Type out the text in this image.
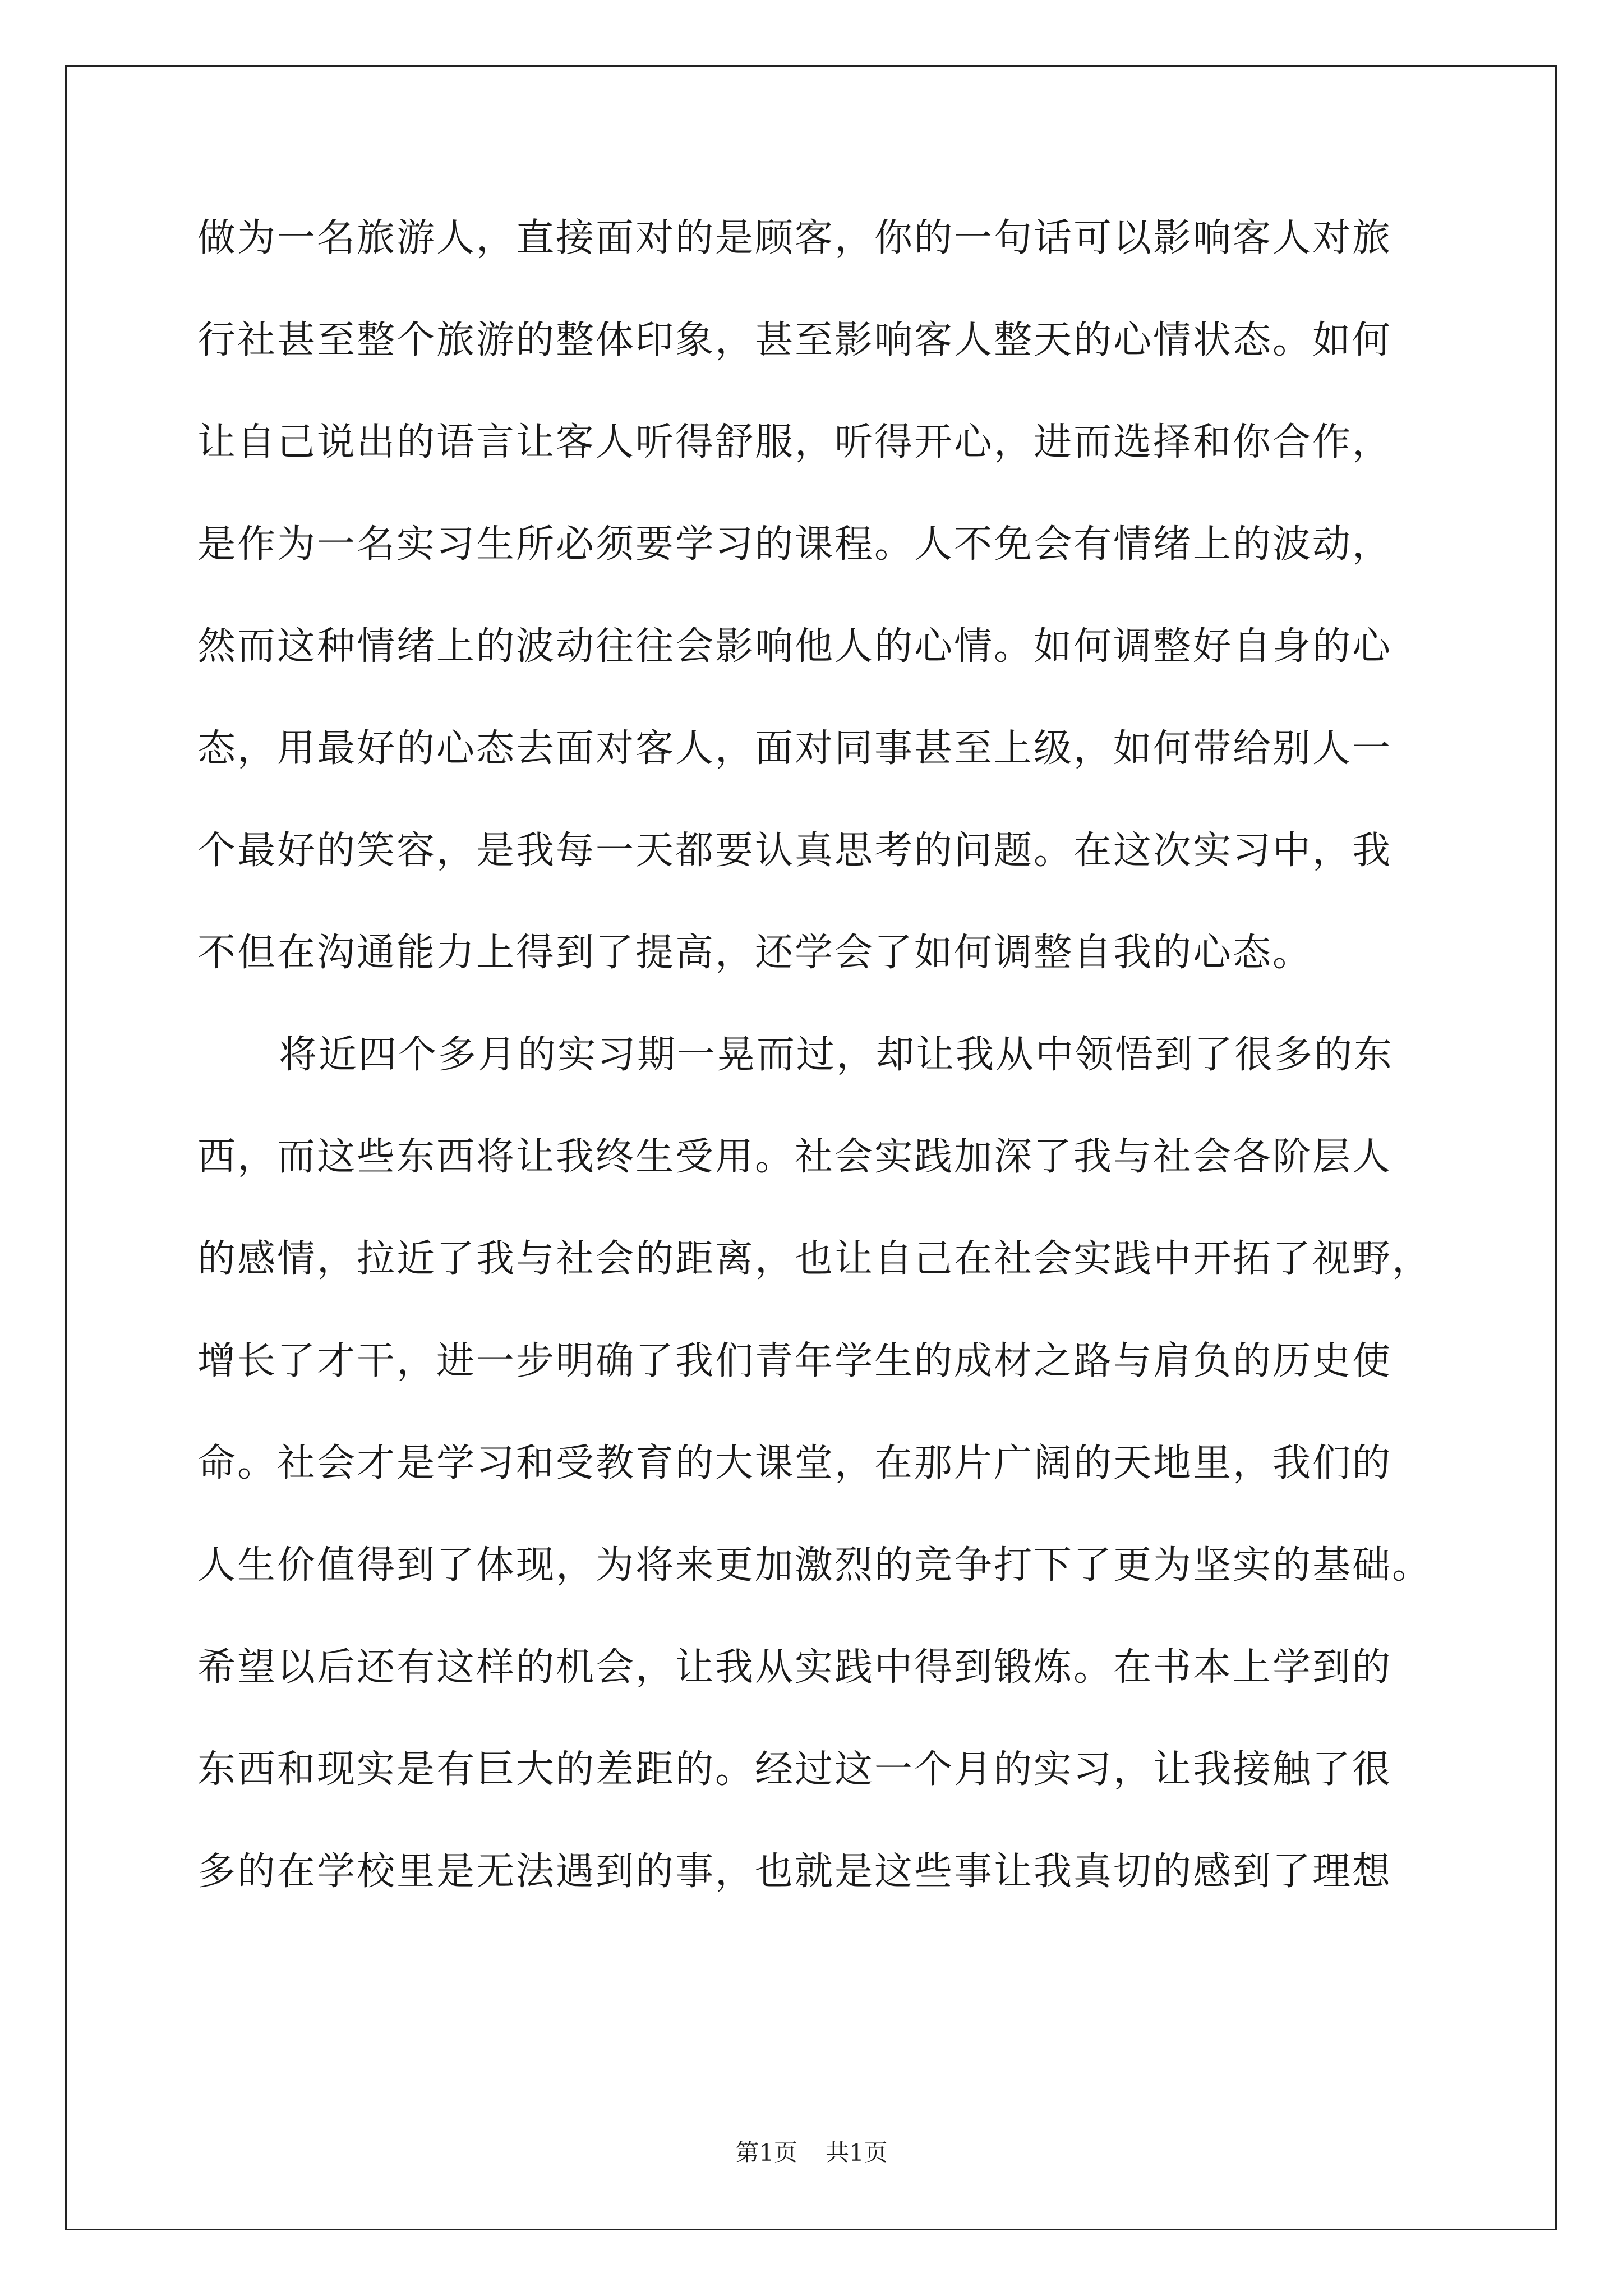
做为一名旅游人，直接面对的是顾客，你的一句话可以影响客人对旅
行社甚至整个旅游的整体印象，甚至影响客人整天的心情状态。如何
让自己说出的语言让客人听得舒服，听得开心，进而选择和你合作，
是作为一名实习生所必须要学习的课程。人不免会有情绪上的波动，
然而这种情绪上的波动往往会影响他人的心情。如何调整好自身的心
态，用最好的心态去面对客人，面对同事甚至上级，如何带给别人一
个最好的笑容，是我每一天都要认真思考的问题。在这次实习中，我
不但在沟通能力上得到了提高，还学会了如何调整自我的心态。
将近四个多月的实习期一晃而过，却让我从中领悟到了很多的东
西，而这些东西将让我终生受用。社会实践加深了我与社会各阶层人
的感情，拉近了我与社会的距离，也让自己在社会实践中开拓了视野，
增长了才干，进一步明确了我们青年学生的成材之路与肩负的历史使
命。社会才是学习和受教育的大课堂，在那片广阔的天地里，我们的
人生价值得到了体现，为将来更加激烈的竞争打下了更为坚实的基础。
希望以后还有这样的机会，让我从实践中得到锻炼。在书本上学到的
东西和现实是有巨大的差距的。经过这一个月的实习，让我接触了很
多的在学校里是无法遇到的事，也就是这些事让我真切的感到了理想
第1页 共1页
